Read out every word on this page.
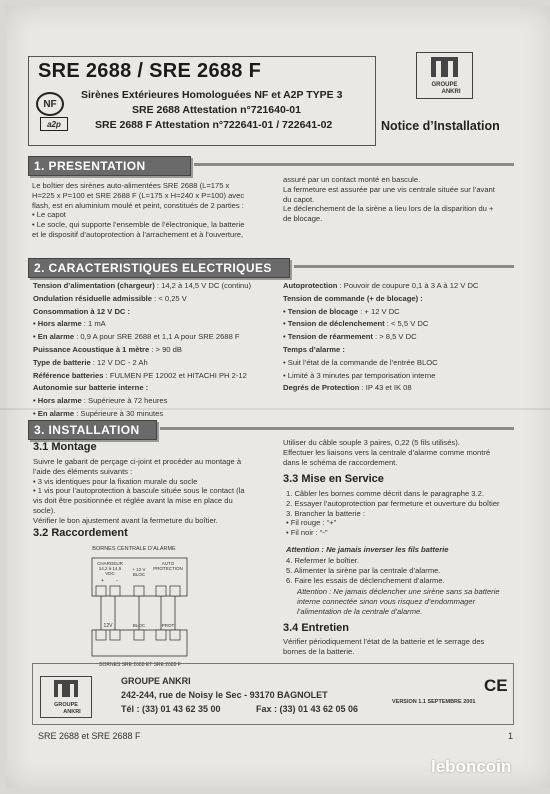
SRE 2688 / SRE 2688 F
NF
a2p
Sirènes Extérieures Homologuées NF et A2P TYPE 3
SRE 2688 Attestation n°721640-01
SRE 2688 F Attestation n°722641-01 / 722641-02
GROUPE
ANKRI
Notice d’Installation
1. PRESENTATION
Le boîtier des sirènes auto-alimentées SRE 2688 (L=175 x
H=225 x P=100 et SRE 2688 F (L=175 x H=240 x P=100) avec
flash, est en aluminium moulé et peint, constitués de 2 parties :
• Le capot
• Le socle, qui supporte l’ensemble de l’électronique, la batterie
et le dispositif d’autoprotection à l’arrachement et à l’ouverture,
assuré par un contact monté en bascule.
La fermeture est assurée par une vis centrale située sur l’avant
du capot.
Le déclenchement de la sirène a lieu lors de la disparition du +
de blocage.
2. CARACTERISTIQUES ELECTRIQUES
Tension d’alimentation (chargeur) : 14,2 à 14,5 V DC (continu)
Ondulation résiduelle admissible : < 0,25 V
Consommation à 12 V DC :
• Hors alarme : 1 mA
• En alarme : 0,9 A pour SRE 2688 et 1,1 A pour SRE 2688 F
Puissance Acoustique à 1 mètre : > 90 dB
Type de batterie : 12 V DC - 2 Ah
Référence batteries : FULMEN PE 12002 et HITACHI PH 2-12
Autonomie sur batterie interne :
• Hors alarme : Supérieure à 72 heures
• En alarme : Supérieure à 30 minutes
Autoprotection : Pouvoir de coupure 0,1 à 3 A à 12 V DC
Tension de commande (+ de blocage) :
• Tension de blocage : + 12 V DC
• Tension de déclenchement : < 5,5 V DC
• Tension de réarmement : > 8,5 V DC
Temps d’alarme :
• Suit l’état de la commande de l’entrée BLOC
• Limité à 3 minutes par temporisation interne
Degrés de Protection : IP 43 et IK 08
3. INSTALLATION
3.1 Montage
Suivre le gabarit de perçage ci-joint et procéder au montage à
l’aide des éléments suivants :
• 3 vis identiques pour la fixation murale du socle
• 1 vis pour l’autoprotection à bascule située sous le contact (la
vis doit être positionnée et réglée avant la mise en place du
socle).
Vérifier le bon ajustement avant la fermeture du boîtier.
3.2 Raccordement
BORNES CENTRALE D’ALARME
CHARGEUR
14,2 à 14,5
VDC
+ -
+ 12 V
BLOC
AUTO
PROTECTION
12V	BLOC	PROT
BORNES SRE 2688 ET SRE 2688 F
Utiliser du câble souple 3 paires, 0,22 (5 fils utilisés).
Effectuer les liaisons vers la centrale d’alarme comme montré
dans le schéma de raccordement.
3.3 Mise en Service
1. Câbler les bornes comme décrit dans le paragraphe 3.2.
2. Essayer l’autoprotection par fermeture et ouverture du boîtier
3. Brancher la batterie :
• Fil rouge : “+”
• Fil noir : “-”
Attention : Ne jamais inverser les fils batterie
4. Refermer le boîtier.
5. Alimenter la sirène par la centrale d’alarme.
6. Faire les essais de déclenchement d’alarme.
Attention : Ne jamais déclencher une sirène sans sa batterie
interne connectée sinon vous risquez d’endommager
l’alimentation de la centrale d’alarme.
3.4 Entretien
Vérifier périodiquement l’état de la batterie et le serrage des
bornes de la batterie.
GROUPE
ANKRI
GROUPE ANKRI
242-244, rue de Noisy le Sec - 93170 BAGNOLET
Tél : (33) 01 43 62 35 00	Fax : (33) 01 43 62 05 06
VERSION 1.1 SEPTEMBRE 2001
CE
SRE 2688 et SRE 2688 F	1
leboncoin
